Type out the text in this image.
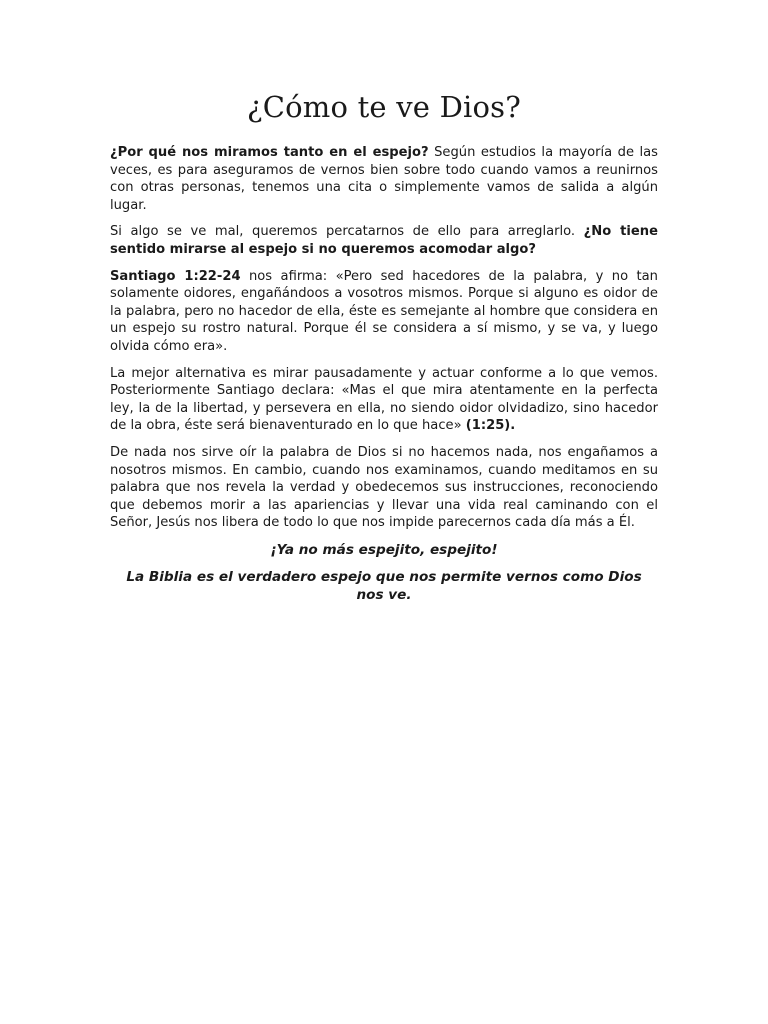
¿Cómo te ve Dios?

¿Por qué nos miramos tanto en el espejo? Según estudios la mayoría de las veces, es para aseguramos de vernos bien sobre todo cuando vamos a reunirnos con otras personas, tenemos una cita o simplemente vamos de salida a algún lugar.

Si algo se ve mal, queremos percatarnos de ello para arreglarlo. ¿No tiene sentido mirarse al espejo si no queremos acomodar algo?

Santiago 1:22-24 nos afirma: «Pero sed hacedores de la palabra, y no tan solamente oidores, engañándoos a vosotros mismos. Porque si alguno es oidor de la palabra, pero no hacedor de ella, éste es semejante al hombre que considera en un espejo su rostro natural. Porque él se considera a sí mismo, y se va, y luego olvida cómo era».

La mejor alternativa es mirar pausadamente y actuar conforme a lo que vemos. Posteriormente Santiago declara: «Mas el que mira atentamente en la perfecta ley, la de la libertad, y persevera en ella, no siendo oidor olvidadizo, sino hacedor de la obra, éste será bienaventurado en lo que hace» (1:25).

De nada nos sirve oír la palabra de Dios si no hacemos nada, nos engañamos a nosotros mismos. En cambio, cuando nos examinamos, cuando meditamos en su palabra que nos revela la verdad y obedecemos sus instrucciones, reconociendo que debemos morir a las apariencias y llevar una vida real caminando con el Señor, Jesús nos libera de todo lo que nos impide parecernos cada día más a Él.

¡Ya no más espejito, espejito!

La Biblia es el verdadero espejo que nos permite vernos como Dios nos ve.
